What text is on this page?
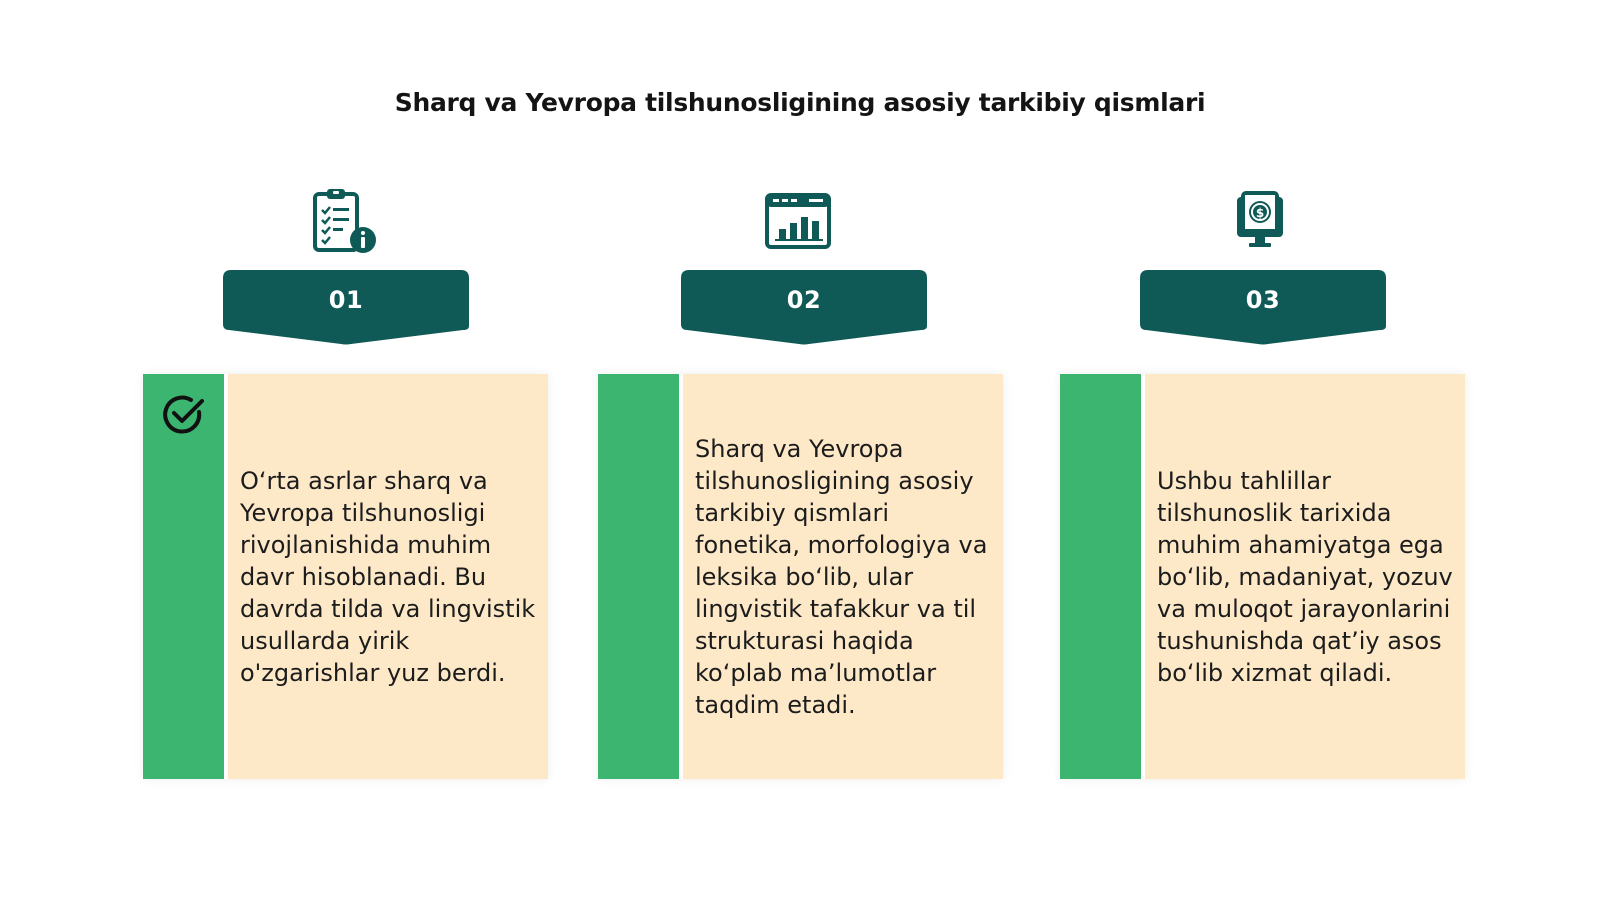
Sharq va Yevropa tilshunosligining asosiy tarkibiy qismlari
01

O‘rta asrlar sharq va Yevropa tilshunosligi rivojlanishida muhim davr hisoblanadi. Bu davrda tilda va lingvistik usullarda yirik o'zgarishlar yuz berdi.

02

Sharq va Yevropa tilshunosligining asosiy tarkibiy qismlari fonetika, morfologiya va leksika bo‘lib, ular lingvistik tafakkur va til strukturasi haqida ko‘plab ma’lumotlar taqdim etadi.

$
03

Ushbu tahlillar tilshunoslik tarixida muhim ahamiyatga ega bo‘lib, madaniyat, yozuv va muloqot jarayonlarini tushunishda qat’iy asos bo‘lib xizmat qiladi.
